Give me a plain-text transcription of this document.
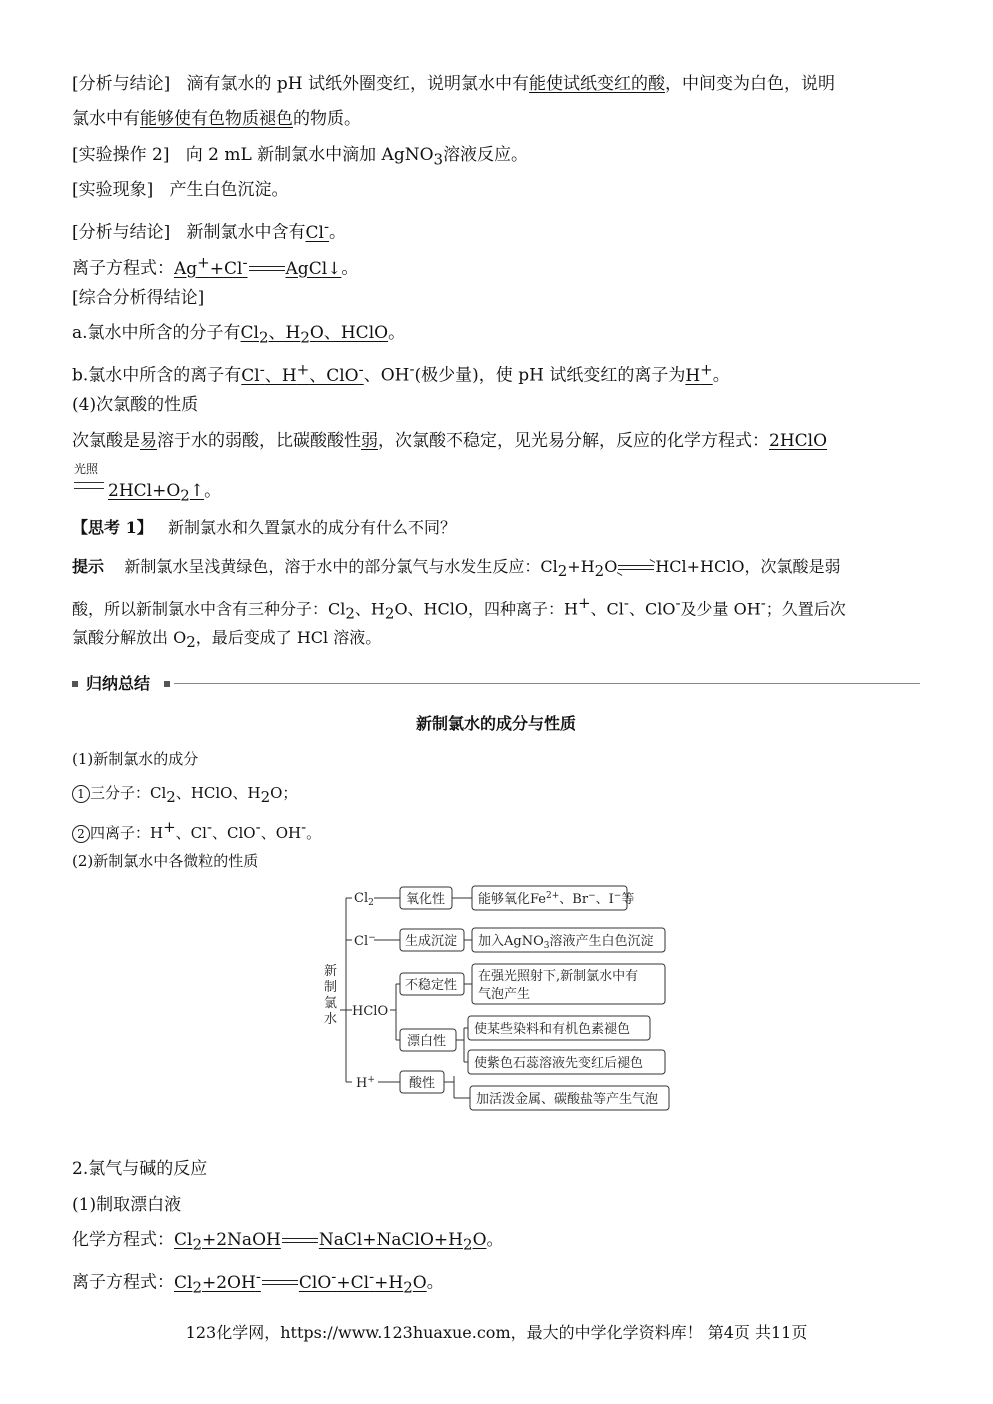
[分析与结论] 滴有氯水的 pH 试纸外圈变红，说明氯水中有能使试纸变红的酸，中间变为白色，说明
氯水中有能够使有色物质褪色的物质。
[实验操作 2] 向 2 mL 新制氯水中滴加 AgNO$_3$溶液反应。
[实验现象] 产生白色沉淀。
[分析与结论] 新制氯水中含有Cl-。
离子方程式：Ag++Cl- AgCl↓。
[综合分析得结论]
a.氯水中所含的分子有$Cl_2$、$H_2O$、HClO。
b.氯水中所含的离子有Cl-、H+、ClO-、OH-(极少量)，使 pH 试纸变红的离子为H+。
(4)次氯酸的性质
次氯酸是易溶于水的弱酸，比碳酸酸性弱，次氯酸不稳定，见光易分解，反应的化学方程式：2HClO
光照
$2HCl+O_2↑$。
【思考 1】 新制氯水和久置氯水的成分有什么不同？
提示 新制氯水呈浅黄绿色，溶于水中的部分氯气与水发生反应：$Cl_2+H_2O$ HCl+HClO，次氯酸是弱
酸，所以新制氯水中含有三种分子：$Cl_2$、$H_2O$、HClO，四种离子：H+、Cl-、ClO-及少量 OH-；久置后次
氯酸分解放出 $O_2$，最后变成了 HCl 溶液。
新制氯水的成分与性质
(1)新制氯水的成分
1 三分子：$Cl_2$、HClO、$H_2O$；
2 四离子：H+、Cl-、ClO-、OH-。
(2)新制氯水中各微粒的性质
2.氯气与碱的反应
(1)制取漂白液
化学方程式：$Cl_2+2NaOH$ $NaCl+NaClO+H_2O$。
离子方程式：$Cl_2+2OH^-$ $ClO^-+Cl^-+H_2O$。
归纳总结
新
制
氯
水
$Cl_2$
Cl−
HClO
H+
氧化性
生成沉淀
不稳定性
漂白性
酸性
能够氧化$Fe^{2+}$、Br−、I−等
加入AgNO$_3$溶液产生白色沉淀
在强光照射下,新制氯水中有
气泡产生
使某些染料和有机色素褪色
使紫色石蕊溶液先变红后褪色
加活泼金属、碳酸盐等产生气泡
123化学网，https://www.123huaxue.com，最大的中学化学资料库！ 第4页 共11页
